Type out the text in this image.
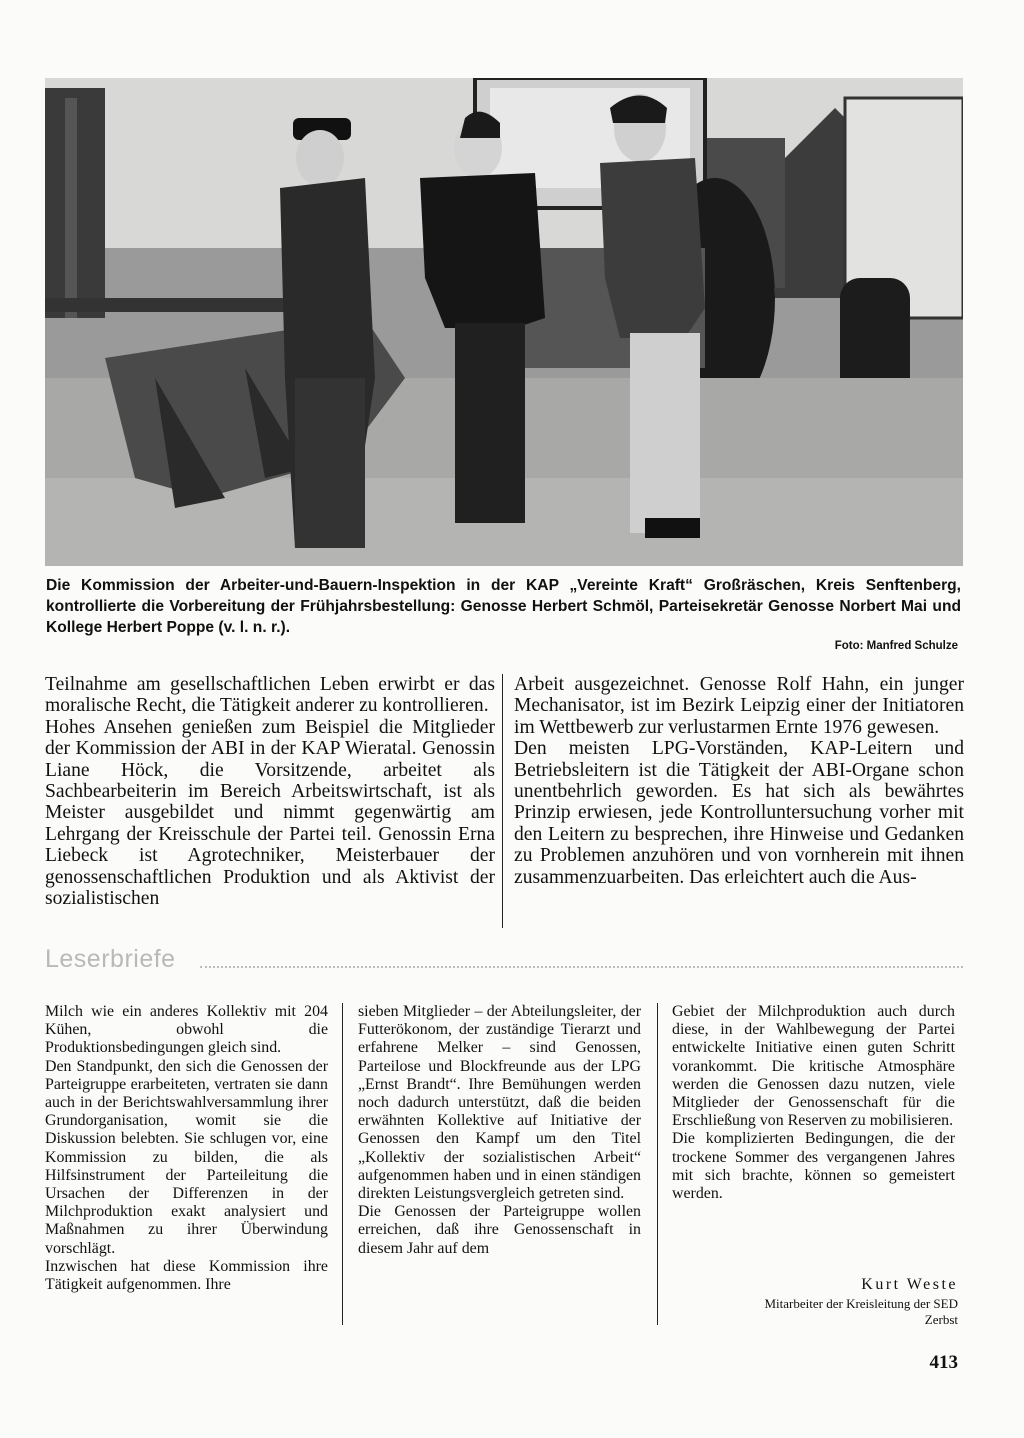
Die Kommission der Arbeiter-und-Bauern-Inspektion in der KAP „Vereinte Kraft“ Großräschen, Kreis Senftenberg, kontrollierte die Vorbereitung der Frühjahrsbestellung: Genosse Herbert Schmöl, Parteisekretär Genosse Norbert Mai und Kollege Herbert Poppe (v. l. n. r.).
Foto: Manfred Schulze

Teilnahme am gesellschaftlichen Leben erwirbt er das moralische Recht, die Tätigkeit anderer zu kontrollieren.

Hohes Ansehen genießen zum Beispiel die Mitglieder der Kommission der ABI in der KAP Wieratal. Genossin Liane Höck, die Vorsitzende, arbeitet als Sachbearbeiterin im Bereich Arbeitswirtschaft, ist als Meister ausgebildet und nimmt gegenwärtig am Lehrgang der Kreisschule der Partei teil. Genossin Erna Liebeck ist Agrotechniker, Meisterbauer der genossenschaftlichen Produktion und als Aktivist der sozialistischen

Arbeit ausgezeichnet. Genosse Rolf Hahn, ein junger Mechanisator, ist im Bezirk Leipzig einer der Initiatoren im Wettbewerb zur verlustarmen Ernte 1976 gewesen.

Den meisten LPG-Vorständen, KAP-Leitern und Betriebsleitern ist die Tätigkeit der ABI-Organe schon unentbehrlich geworden. Es hat sich als bewährtes Prinzip erwiesen, jede Kontrolluntersuchung vorher mit den Leitern zu besprechen, ihre Hinweise und Gedanken zu Problemen anzuhören und von vornherein mit ihnen zusammenzuarbeiten. Das erleichtert auch die Aus-

Leserbriefe

Milch wie ein anderes Kollektiv mit 204 Kühen, obwohl die Produktionsbedingungen gleich sind.

Den Standpunkt, den sich die Genossen der Parteigruppe erarbeiteten, vertraten sie dann auch in der Berichtswahlversammlung ihrer Grundorganisation, womit sie die Diskussion belebten. Sie schlugen vor, eine Kommission zu bilden, die als Hilfsinstrument der Parteileitung die Ursachen der Differenzen in der Milchproduktion exakt analysiert und Maßnahmen zu ihrer Überwindung vorschlägt.

Inzwischen hat diese Kommission ihre Tätigkeit aufgenommen. Ihre

sieben Mitglieder – der Abteilungsleiter, der Futterökonom, der zuständige Tierarzt und erfahrene Melker – sind Genossen, Parteilose und Blockfreunde aus der LPG „Ernst Brandt“. Ihre Bemühungen werden noch dadurch unterstützt, daß die beiden erwähnten Kollektive auf Initiative der Genossen den Kampf um den Titel „Kollektiv der sozialistischen Arbeit“ aufgenommen haben und in einen ständigen direkten Leistungsvergleich getreten sind.

Die Genossen der Parteigruppe wollen erreichen, daß ihre Genossenschaft in diesem Jahr auf dem

Gebiet der Milchproduktion auch durch diese, in der Wahlbewegung der Partei entwickelte Initiative einen guten Schritt vorankommt. Die kritische Atmosphäre werden die Genossen dazu nutzen, viele Mitglieder der Genossenschaft für die Erschließung von Reserven zu mobilisieren.

Die komplizierten Bedingungen, die der trockene Sommer des vergangenen Jahres mit sich brachte, können so gemeistert werden.

Kurt Weste
Mitarbeiter der Kreisleitung der SED
Zerbst
413
